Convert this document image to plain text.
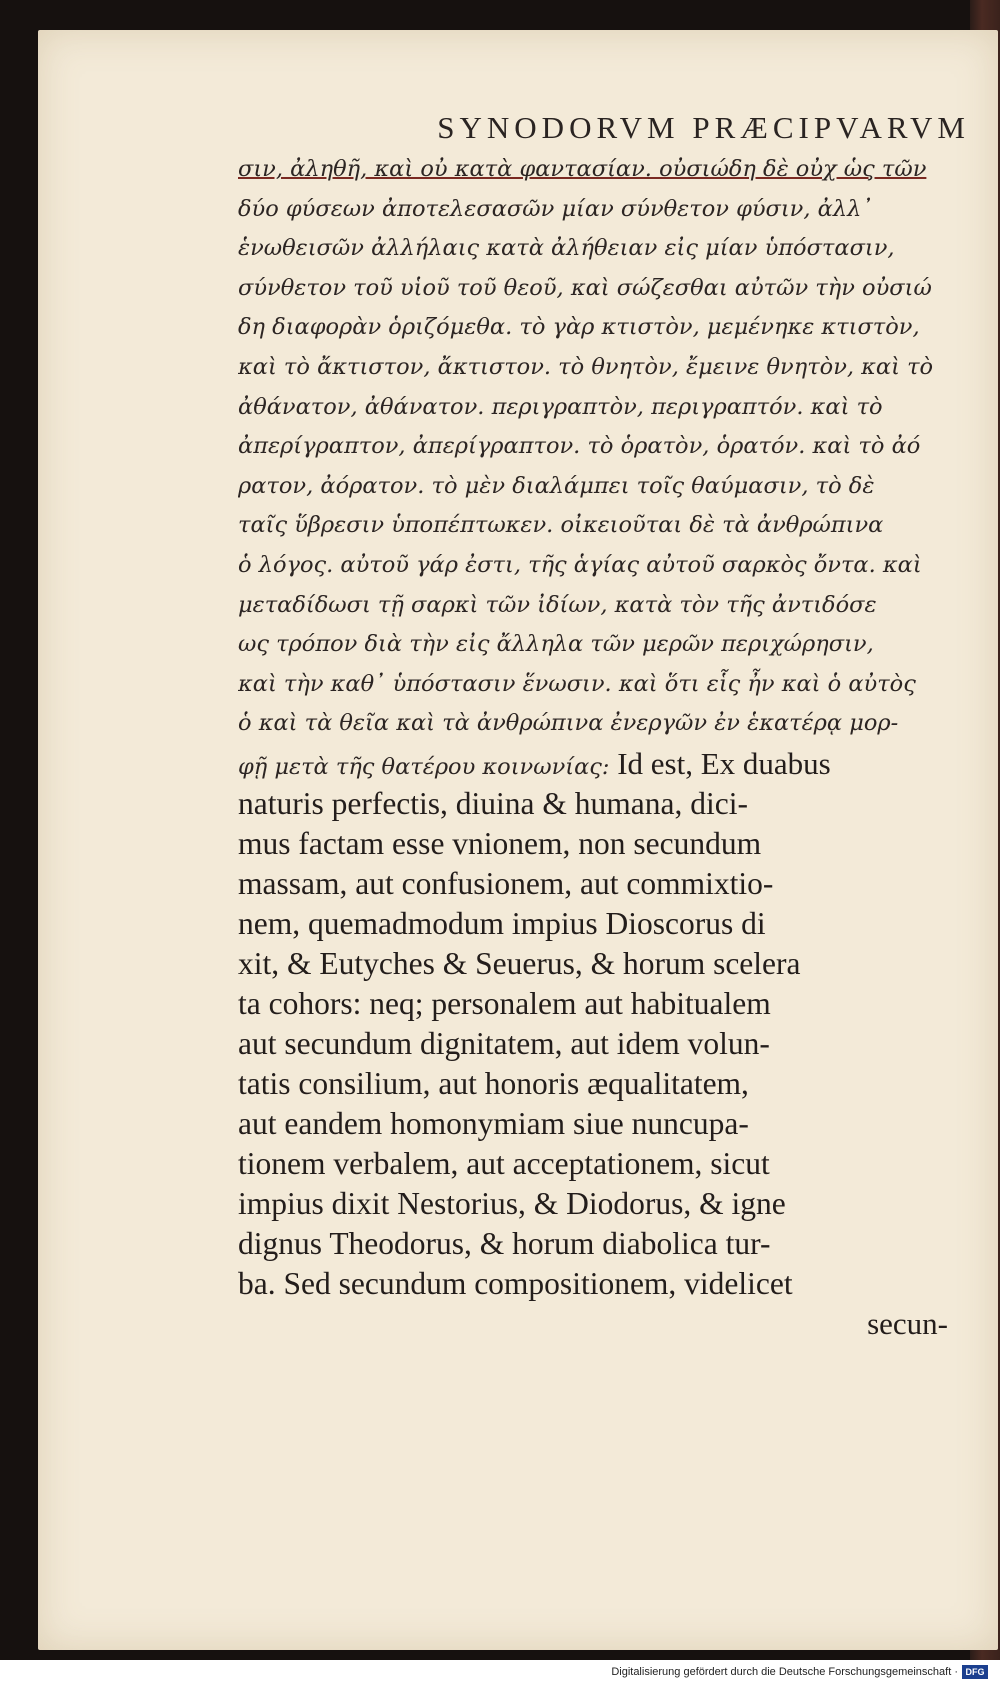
SYNODORVM PRÆCIPVARVM
σιν, ἀληθῆ, καὶ οὐ κατὰ φαντασίαν. οὐσιώδη δὲ οὐχ ὡς τῶν
δύο φύσεων ἀποτελεσασῶν μίαν σύνθετον φύσιν, ἀλλ᾽
ἑνωθεισῶν ἀλλήλαις κατὰ ἀλήθειαν εἰς μίαν ὑπόστασιν,
σύνθετον τοῦ υἱοῦ τοῦ θεοῦ, καὶ σώζεσθαι αὐτῶν τὴν οὐσιώ
δη διαφορὰν ὁριζόμεθα. τὸ γὰρ κτιστὸν, μεμένηκε κτιστὸν,
καὶ τὸ ἄκτιστον, ἄκτιστον. τὸ θνητὸν, ἔμεινε θνητὸν, καὶ τὸ
ἀθάνατον, ἀθάνατον. περιγραπτὸν, περιγραπτόν. καὶ τὸ
ἀπερίγραπτον, ἀπερίγραπτον. τὸ ὁρατὸν, ὁρατόν. καὶ τὸ ἀό
ρατον, ἀόρατον. τὸ μὲν διαλάμπει τοῖς θαύμασιν, τὸ δὲ
ταῖς ὕβρεσιν ὑποπέπτωκεν. οἰκειοῦται δὲ τὰ ἀνθρώπινα
ὁ λόγος. αὐτοῦ γάρ ἐστι, τῆς ἁγίας αὐτοῦ σαρκὸς ὄντα. καὶ
μεταδίδωσι τῇ σαρκὶ τῶν ἰδίων, κατὰ τὸν τῆς ἀντιδόσε
ως τρόπον διὰ τὴν εἰς ἄλληλα τῶν μερῶν περιχώρησιν,
καὶ τὴν καθ᾽ ὑπόστασιν ἕνωσιν. καὶ ὅτι εἷς ἦν καὶ ὁ αὐτὸς
ὁ καὶ τὰ θεῖα καὶ τὰ ἀνθρώπινα ἐνεργῶν ἐν ἑκατέρᾳ μορ-
φῇ μετὰ τῆς θατέρου κοινωνίας: Id est, Ex duabus
naturis perfectis, diuina & humana, dici-
mus factam esse vnionem, non secundum
massam, aut confusionem, aut commixtio-
nem, quemadmodum impius Dioscorus di
xit, & Eutyches & Seuerus, & horum scelera
ta cohors: neq; personalem aut habitualem
aut secundum dignitatem, aut idem volun-
tatis consilium, aut honoris æqualitatem,
aut eandem homonymiam siue nuncupa-
tionem verbalem, aut acceptationem, sicut
impius dixit Nestorius, & Diodorus, & igne
dignus Theodorus, & horum diabolica tur-
ba. Sed secundum compositionem, videlicet
secun-
Digitalisierung gefördert durch die Deutsche Forschungsgemeinschaft · DFG
